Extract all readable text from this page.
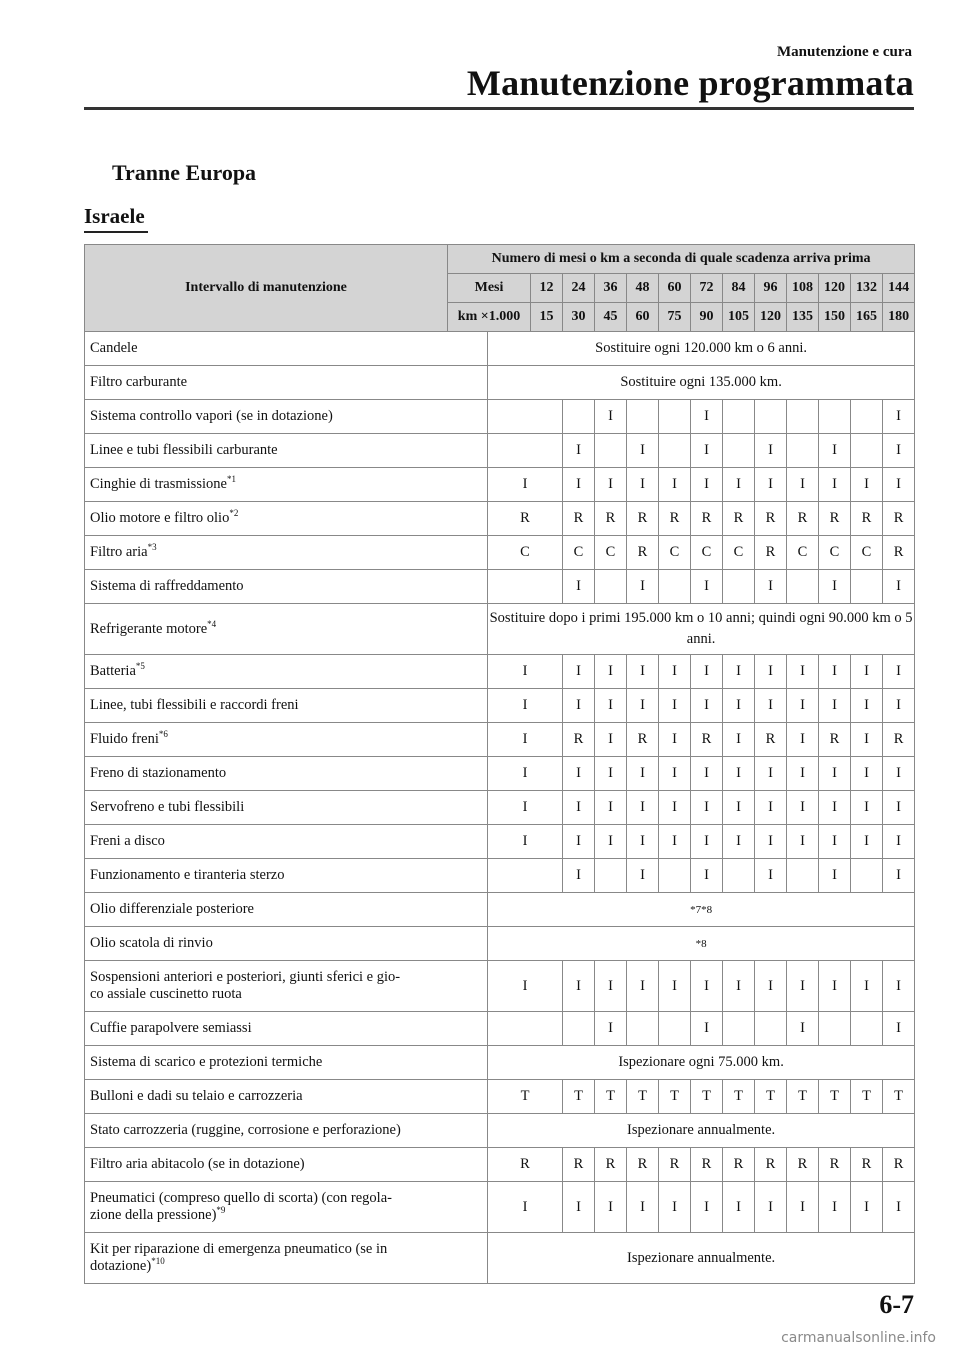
Manutenzione e cura
Manutenzione programmata
Tranne Europa
Israele
Intervallo di manutenzione	Numero di mesi o km a seconda di quale scadenza arriva prima													
	Mesi		12	24	36	48	60	72	84	96	108	120	132	144
	km ×1.000		15	30	45	60	75	90	105	120	135	150	165	180
Candele		Sostituire ogni 120.000 km o 6 anni.												
Filtro carburante		Sostituire ogni 135.000 km.												
Sistema controllo vapori (se in dotazione)					I			I						I
Linee e tubi flessibili carburante				I		I		I		I		I		I
Cinghie di trasmissione$^{*1}$		I		I	I	I	I	I	I	I	I	I	I	I
Olio motore e filtro olio$^{*2}$		R		R	R	R	R	R	R	R	R	R	R	R
Filtro aria$^{*3}$		C		C	C	R	C	C	C	R	C	C	C	R
Sistema di raffreddamento				I		I		I		I		I		I
Refrigerante motore$^{*4}$		Sostituire dopo i primi 195.000 km o 10 anni; quindi ogni 90.000 km o 5 anni.												
Batteria$^{*5}$		I		I	I	I	I	I	I	I	I	I	I	I
Linee, tubi flessibili e raccordi freni		I		I	I	I	I	I	I	I	I	I	I	I
Fluido freni$^{*6}$		I		R	I	R	I	R	I	R	I	R	I	R
Freno di stazionamento		I		I	I	I	I	I	I	I	I	I	I	I
Servofreno e tubi flessibili		I		I	I	I	I	I	I	I	I	I	I	I
Freni a disco		I		I	I	I	I	I	I	I	I	I	I	I
Funzionamento e tiranteria sterzo				I		I		I		I		I		I
Olio differenziale posteriore		*7*8												
Olio scatola di rinvio		*8												
Sospensioni anteriori e posteriori, giunti sferici e gio-
co assiale cuscinetto ruota		I		I	I	I	I	I	I	I	I	I	I	I
Cuffie parapolvere semiassi					I			I			I			I
Sistema di scarico e protezioni termiche		Ispezionare ogni 75.000 km.												
Bulloni e dadi su telaio e carrozzeria		T		T	T	T	T	T	T	T	T	T	T	T
Stato carrozzeria (ruggine, corrosione e perforazione)		Ispezionare annualmente.												
Filtro aria abitacolo (se in dotazione)		R		R	R	R	R	R	R	R	R	R	R	R
Pneumatici (compreso quello di scorta) (con regola-
zione della pressione)$^{*9}$		I		I	I	I	I	I	I	I	I	I	I	I
Kit per riparazione di emergenza pneumatico (se in
dotazione)$^{*10}$		Ispezionare annualmente.												
6-7
carmanualsonline.info
